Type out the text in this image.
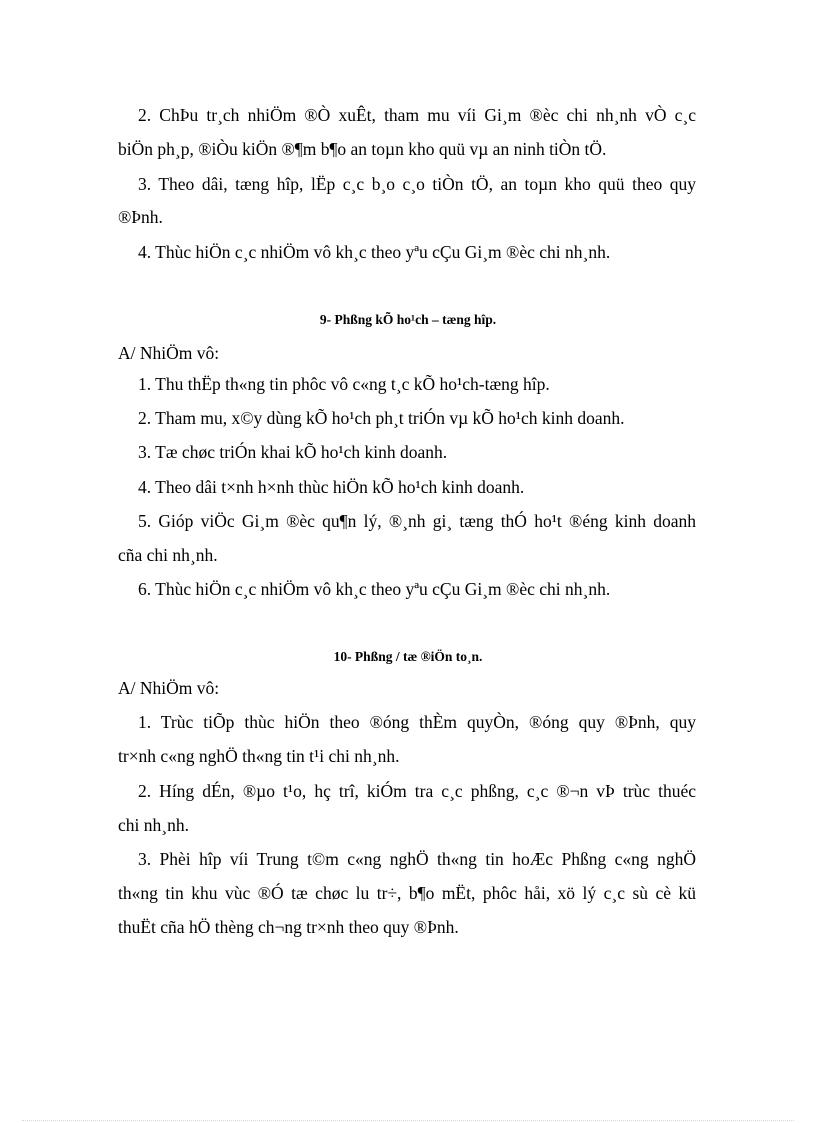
2. ChÞu tr¸ch nhiÖm ®Ò xuÊt, tham mu víi Gi¸m ®èc chi nh¸nh vÒ c¸c
biÖn ph¸p, ®iÒu kiÖn ®¶m b¶o an toµn kho quü vµ an ninh tiÒn tÖ.
3. Theo dâi, tæng hîp, lËp c¸c b¸o c¸o tiÒn tÖ, an toµn kho quü theo quy
®Þnh.
4. Thùc hiÖn c¸c nhiÖm vô kh¸c theo yªu cÇu Gi¸m ®èc chi nh¸nh.
9- Phßng kÕ ho¹ch – tæng hîp.
A/ NhiÖm vô:
1. Thu thËp th«ng tin phôc vô c«ng t¸c kÕ ho¹ch-tæng hîp.
2. Tham mu, x©y dùng kÕ ho¹ch ph¸t triÓn vµ kÕ ho¹ch kinh doanh.
3. Tæ chøc triÓn khai kÕ ho¹ch kinh doanh.
4. Theo dâi t×nh h×nh thùc hiÖn kÕ ho¹ch kinh doanh.
5. Gióp viÖc Gi¸m ®èc qu¶n lý, ®¸nh gi¸ tæng thÓ ho¹t ®éng kinh doanh
cña chi nh¸nh.
6. Thùc hiÖn c¸c nhiÖm vô kh¸c theo yªu cÇu Gi¸m ®èc chi nh¸nh.
10- Phßng / tæ ®iÖn to¸n.
A/ NhiÖm vô:
1. Trùc tiÕp thùc hiÖn theo ®óng thÈm quyÒn, ®óng quy ®Þnh, quy
tr×nh c«ng nghÖ th«ng tin t¹i chi nh¸nh.
2. Híng dÉn, ®µo t¹o, hç trî, kiÓm tra c¸c phßng, c¸c ®¬n vÞ trùc thuéc
chi nh¸nh.
3. Phèi hîp víi Trung t©m c«ng nghÖ th«ng tin hoÆc Phßng c«ng nghÖ
th«ng tin khu vùc ®Ó tæ chøc lu tr÷, b¶o mËt, phôc håi, xö lý c¸c sù cè kü
thuËt cña hÖ thèng ch¬ng tr×nh theo quy ®Þnh.
